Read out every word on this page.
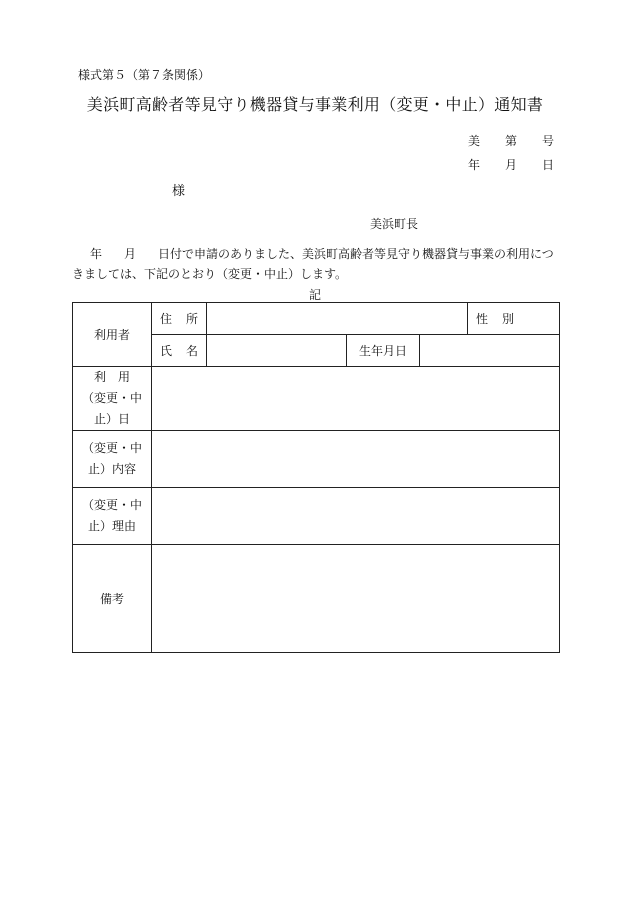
様式第５（第７条関係）
美浜町高齢者等見守り機器貸与事業利用（変更・中止）通知書
美 第 号
年 月 日
様
美浜町長
年 月 日付で申請のありました、美浜町高齢者等見守り機器貸与事業の利用につ
きましては、下記のとおり（変更・中止）します。
記
利用者	住 所				性 別

	氏 名		生年月日		

利　用
（変更・中
止）日					

（変更・中
止）内容					

（変更・中
止）理由					

備考					
